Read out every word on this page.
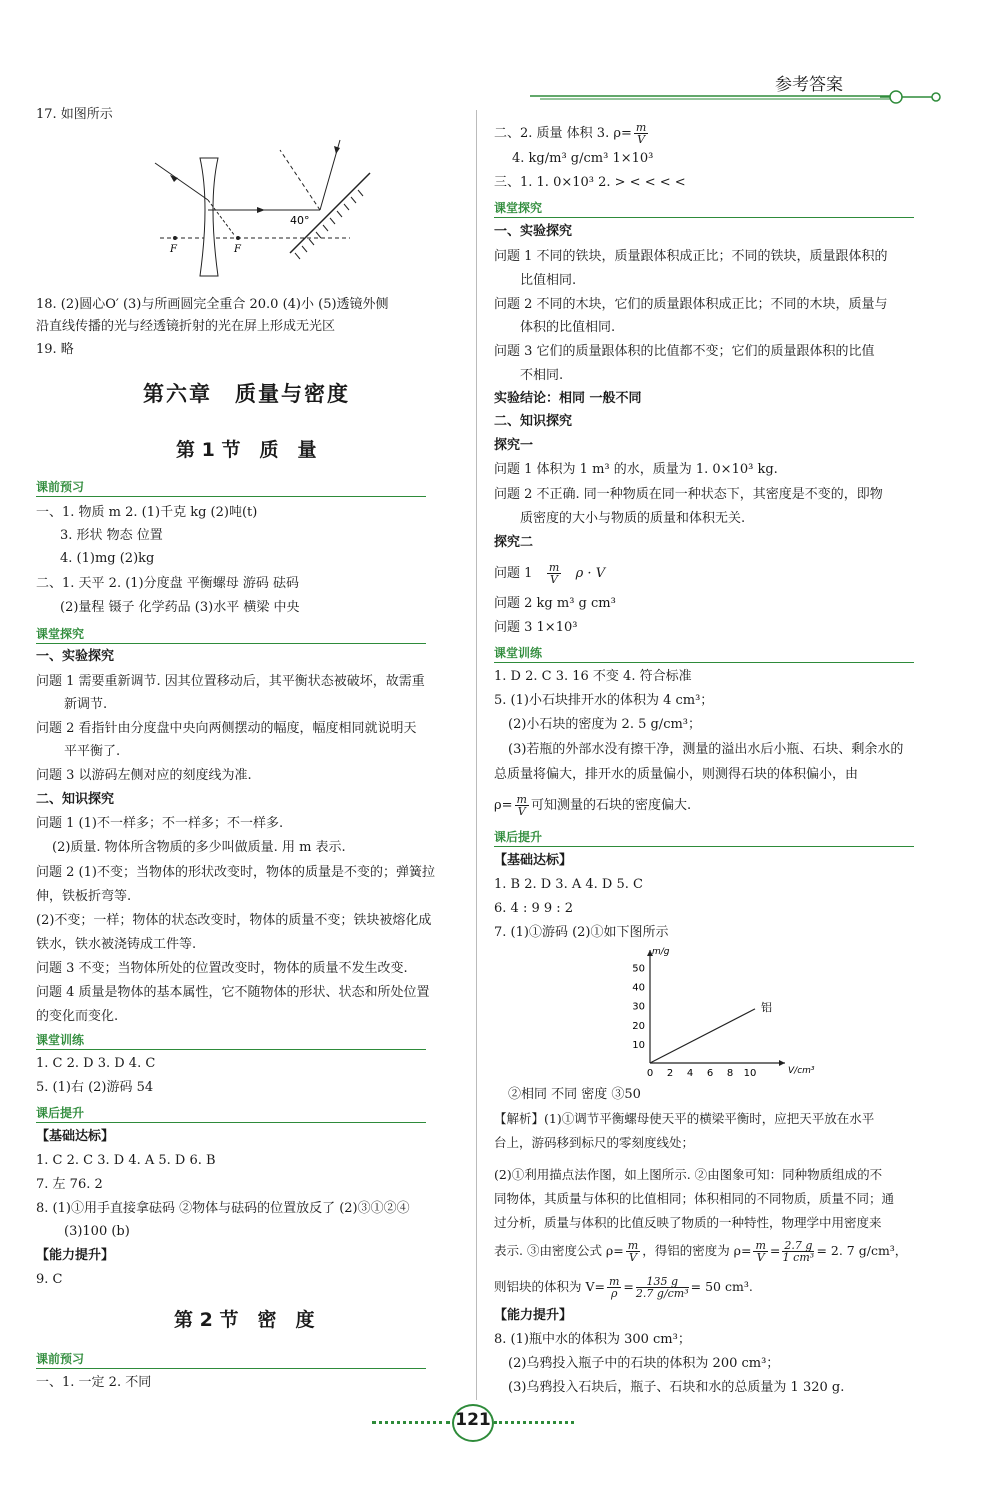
参考答案
17. 如图所示
F	F
40°
18. (2)圆心O′ (3)与所画圆完全重合 20.0 (4)小 (5)透镜外侧
沿直线传播的光与经透镜折射的光在屏上形成无光区
19. 略
第六章　质量与密度
第 1 节　质　量
课前预习
一、1. 物质 m 2. (1)千克 kg (2)吨(t)
3. 形状 物态 位置
4. (1)mg (2)kg
二、1. 天平 2. (1)分度盘 平衡螺母 游码 砝码
(2)量程 镊子 化学药品 (3)水平 横梁 中央
课堂探究
一、实验探究
问题 1 需要重新调节. 因其位置移动后，其平衡状态被破坏，故需重
新调节.
问题 2 看指针由分度盘中央向两侧摆动的幅度，幅度相同就说明天
平平衡了.
问题 3 以游码左侧对应的刻度线为准.
二、知识探究
问题 1 (1)不一样多；不一样多；不一样多.
(2)质量. 物体所含物质的多少叫做质量. 用 m 表示.
问题 2 (1)不变；当物体的形状改变时，物体的质量是不变的；弹簧拉
伸，铁板折弯等.
(2)不变；一样；物体的状态改变时，物体的质量不变；铁块被熔化成
铁水，铁水被浇铸成工件等.
问题 3 不变；当物体所处的位置改变时，物体的质量不发生改变.
问题 4 质量是物体的基本属性，它不随物体的形状、状态和所处位置
的变化而变化.
课堂训练
1. C 2. D 3. D 4. C
5. (1)右 (2)游码 54
课后提升
【基础达标】
1. C 2. C 3. D 4. A 5. D 6. B
7. 左 76. 2
8. (1)①用手直接拿砝码 ②物体与砝码的位置放反了 (2)③①②④
(3)100 (b)
【能力提升】
9. C
第 2 节　密　度
课前预习
一、1. 一定 2. 不同
二、2. 质量 体积 3. $\rho= \frac{m}{V}$
4. kg/m³ g/cm³ 1×10³
三、1. 1. 0×10³ 2. > < < < <
课堂探究
一、实验探究
问题 1 不同的铁块，质量跟体积成正比；不同的铁块，质量跟体积的
比值相同.
问题 2 不同的木块，它们的质量跟体积成正比；不同的木块，质量与
体积的比值相同.
问题 3 它们的质量跟体积的比值都不变；它们的质量跟体积的比值
不相同.
实验结论：相同 一般不同
二、知识探究
探究一
问题 1 体积为 1 m³ 的水，质量为 1. 0×10³ kg.
问题 2 不正确. 同一种物质在同一种状态下，其密度是不变的，即物
质密度的大小与物质的质量和体积无关.
探究二
问题 $1 \frac{m}{V}$ ρ · V
问题 2 kg m³ g cm³
问题 3 1×10³
课堂训练
1. D 2. C 3. 16 不变 4. 符合标准
5. (1)小石块排开水的体积为 4 cm³；
(2)小石块的密度为 2. 5 g/cm³；
(3)若瓶的外部水没有擦干净，测量的溢出水后小瓶、石块、剩余水的
总质量将偏大，排开水的质量偏小，则测得石块的体积偏小，由
$\rho= \frac{m}{V}$ 可知测量的石块的密度偏大.
课后提升
【基础达标】
1. B 2. D 3. A 4. D 5. C
6. 4 : 9 9 : 2
7. (1)①游码 (2)①如下图所示
0 2 4 6 8 10
10
20
30
40
50
V/cm³
m/g
铝
②相同 不同 密度 ③50
【解析】(1)①调节平衡螺母使天平的横梁平衡时，应把天平放在水平
台上，游码移到标尺的零刻度线处；
(2)①利用描点法作图，如上图所示. ②由图象可知：同种物质组成的不
同物体，其质量与体积的比值相同；体积相同的不同物质，质量不同；通
过分析，质量与体积的比值反映了物质的一种特性，物理学中用密度来
表示. ③由密度公式 $\rho= \frac{m}{V}$ ，得铝的密度为 $\rho= \frac{m}{V} = \frac{2.7 g}{\text{1 cm³}} = 2$. 7 g/cm³，
则铝块的体积为 $V= \frac{m}{\rho} = \frac{135 g}{\text{2.7 g/cm³}} = 50$ cm³.
【能力提升】
8. (1)瓶中水的体积为 300 cm³；
(2)乌鸦投入瓶子中的石块的体积为 200 cm³；
(3)乌鸦投入石块后，瓶子、石块和水的总质量为 1 320 g.
121
